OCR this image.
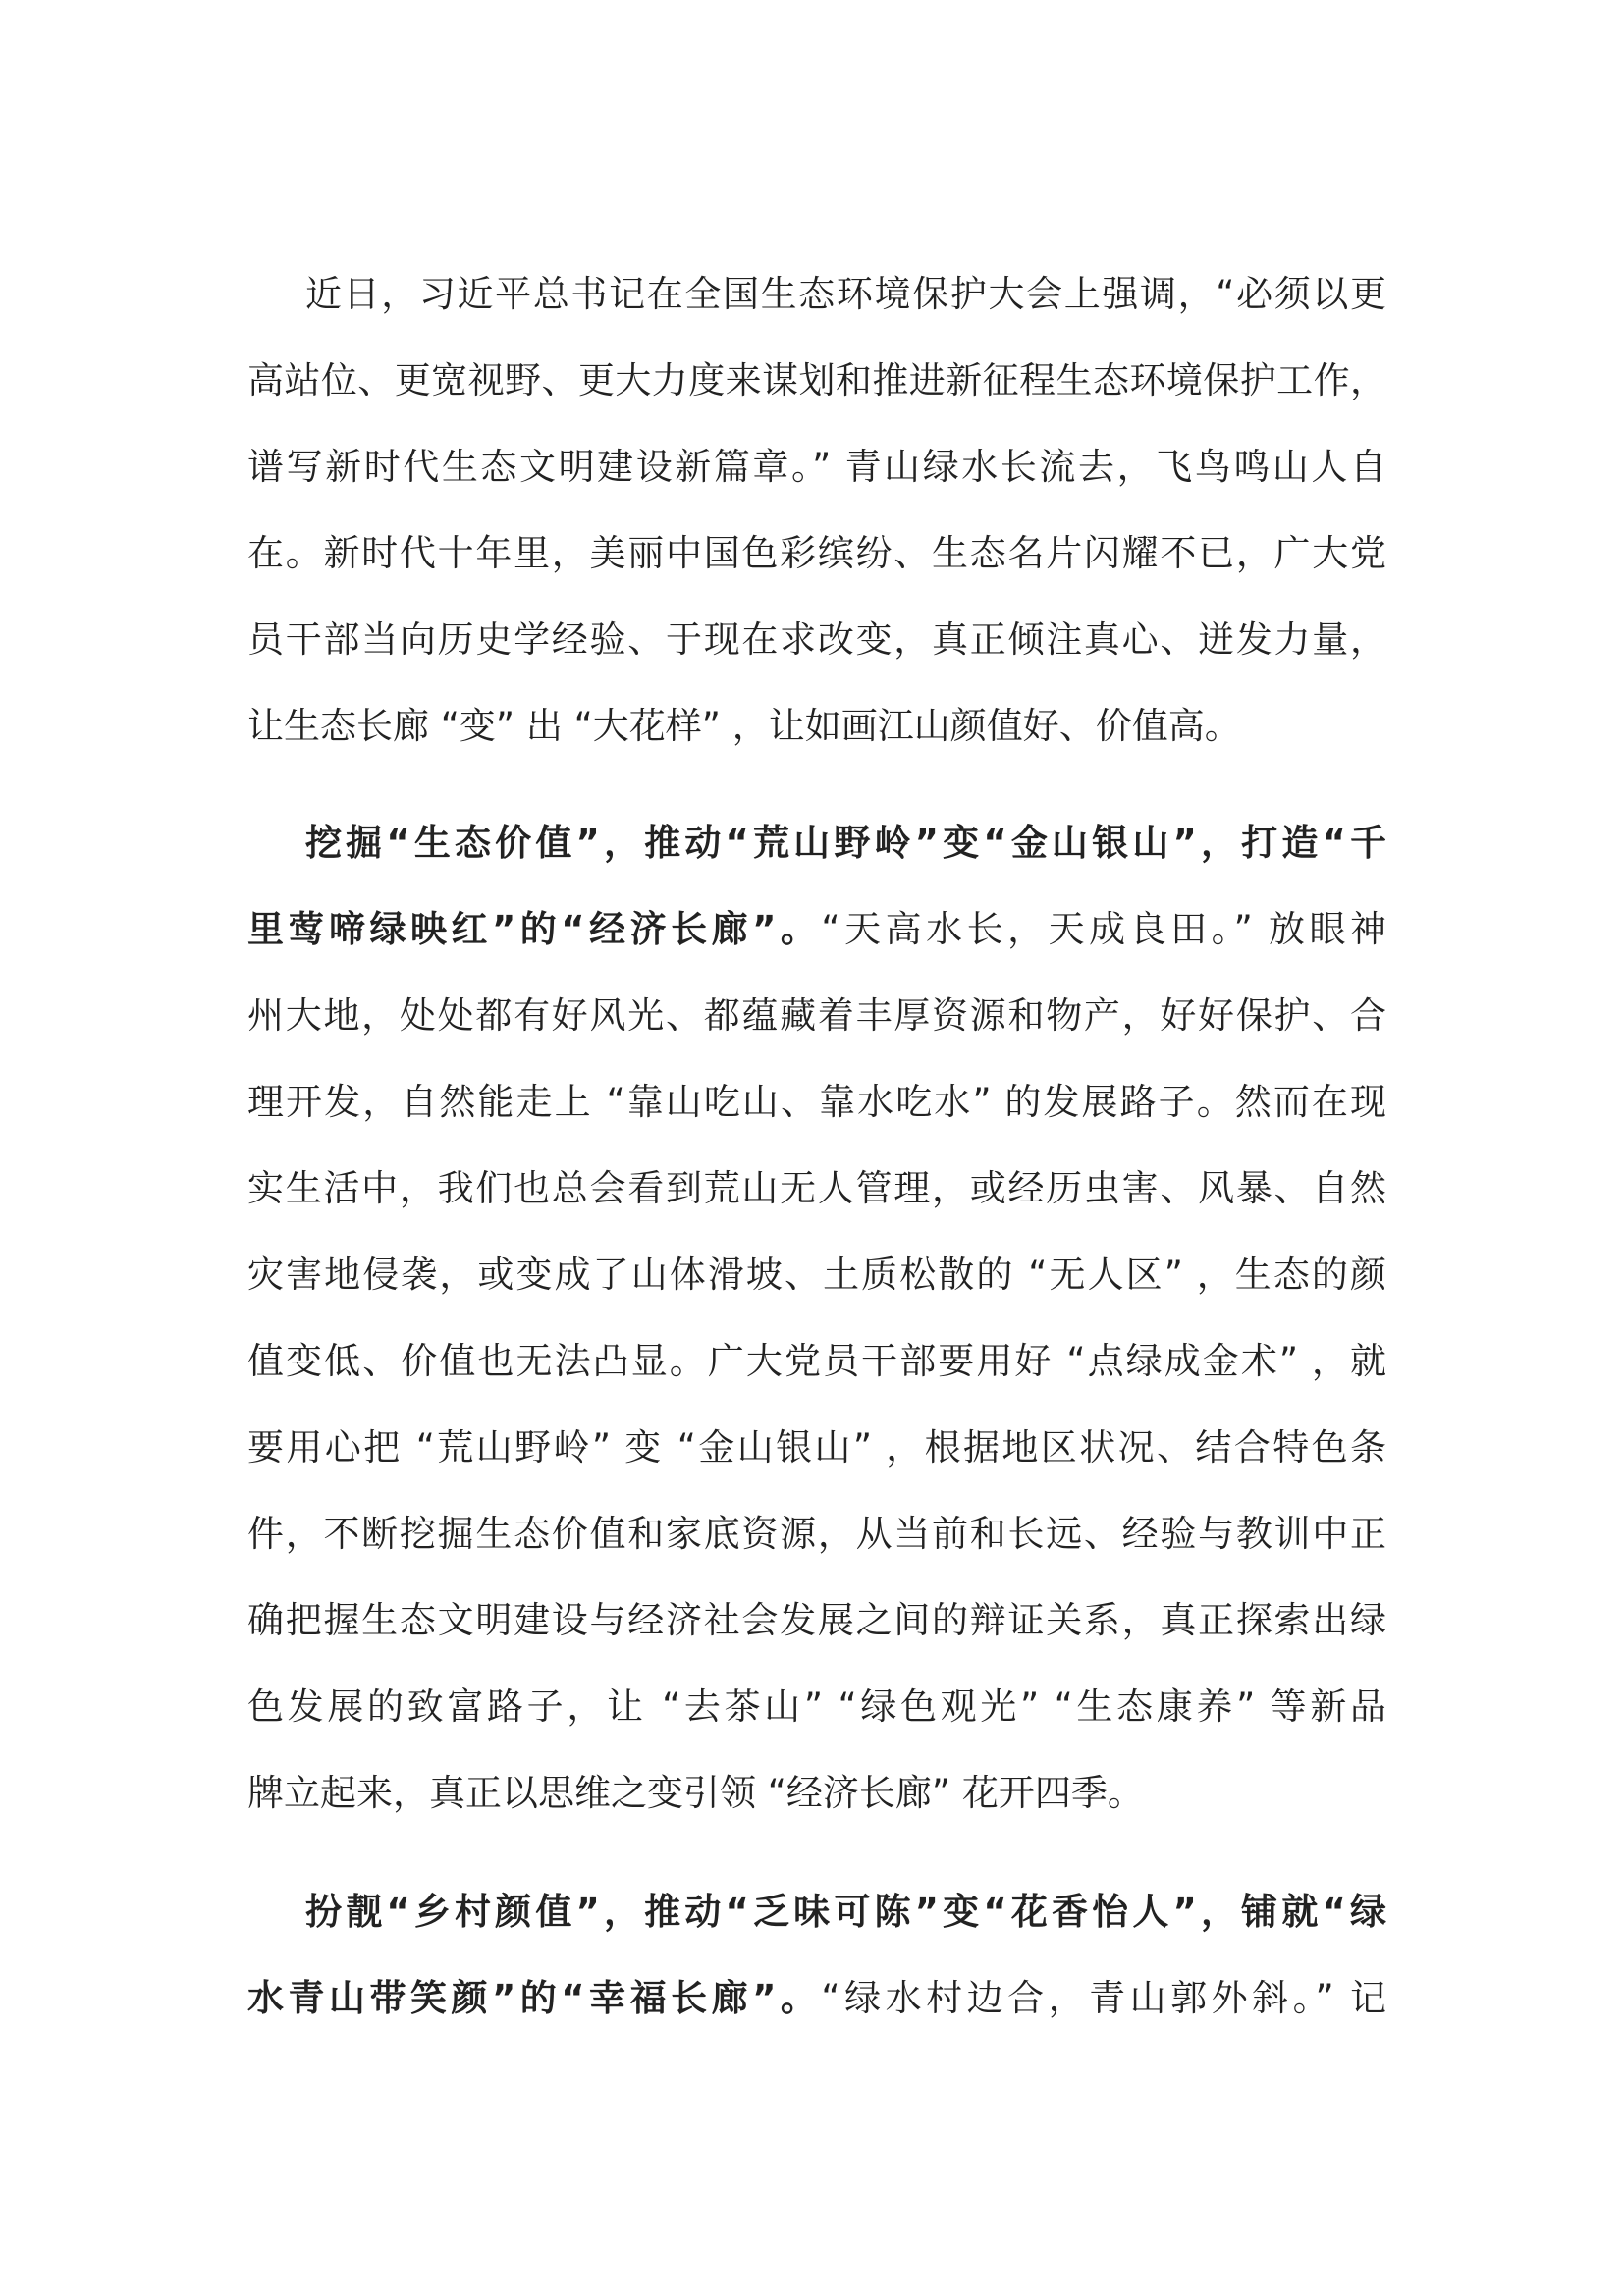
近日，习近平总书记在全国生态环境保护大会上强调，“必须以更
高站位、更宽视野、更大力度来谋划和推进新征程生态环境保护工作，
谱写新时代生态文明建设新篇章。” 青山绿水长流去，飞鸟鸣山人自
在。新时代十年里，美丽中国色彩缤纷、生态名片闪耀不已，广大党
员干部当向历史学经验、于现在求改变，真正倾注真心、迸发力量，
让生态长廊 “变” 出 “大花样” ，让如画江山颜值好、价值高。
挖掘“生态价值”，推动“荒山野岭”变“金山银山”，打造“千
里莺啼绿映红”的“经济长廊”。“天高水长，天成良田。” 放眼神
州大地，处处都有好风光、都蕴藏着丰厚资源和物产，好好保护、合
理开发，自然能走上 “靠山吃山、靠水吃水” 的发展路子。然而在现
实生活中，我们也总会看到荒山无人管理，或经历虫害、风暴、自然
灾害地侵袭，或变成了山体滑坡、土质松散的 “无人区” ，生态的颜
值变低、价值也无法凸显。广大党员干部要用好 “点绿成金术” ，就
要用心把 “荒山野岭” 变 “金山银山” ，根据地区状况、结合特色条
件，不断挖掘生态价值和家底资源，从当前和长远、经验与教训中正
确把握生态文明建设与经济社会发展之间的辩证关系，真正探索出绿
色发展的致富路子，让 “去茶山” “绿色观光” “生态康养” 等新品
牌立起来，真正以思维之变引领 “经济长廊” 花开四季。
扮靓“乡村颜值”，推动“乏味可陈”变“花香怡人”，铺就“绿
水青山带笑颜”的“幸福长廊”。“绿水村边合，青山郭外斜。” 记
